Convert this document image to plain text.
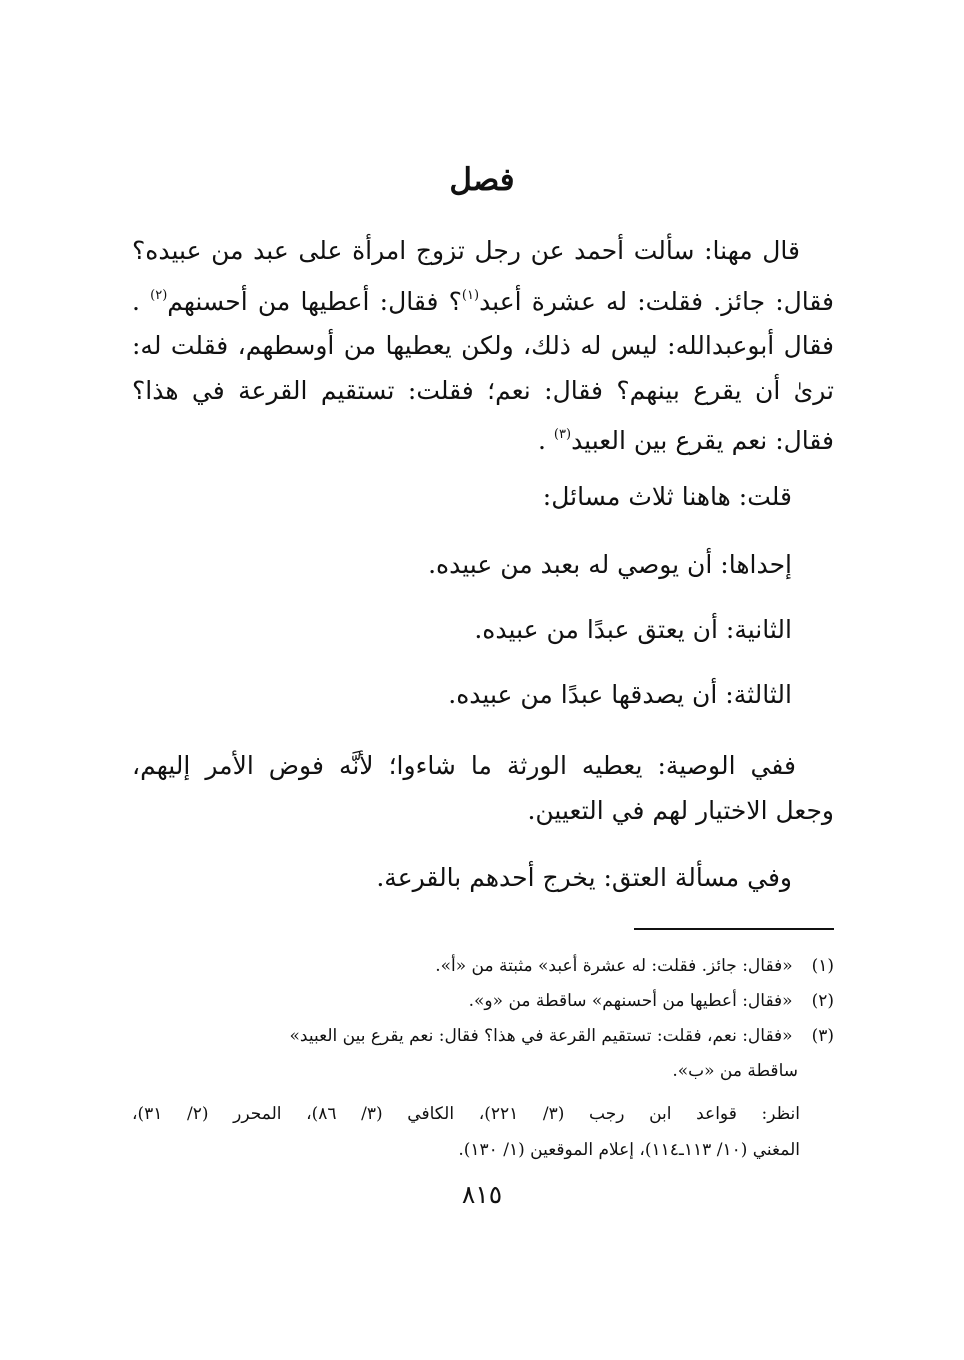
فصل
قال مهنا: سألت أحمد عن رجل تزوج امرأة على عبد من عبيده؟
فقال: جائز. فقلت: له عشرة أعبد$^{(١)}$؟ فقال: أعطيها من أحسنهم$^{(٢)}$ .
فقال أبوعبدالله: ليس له ذلك، ولكن يعطيها من أوسطهم، فقلت له:
ترىٰ أن يقرع بينهم؟ فقال: نعم؛ فقلت: تستقيم القرعة في هذا؟
فقال: نعم يقرع بين العبيد$^{(٣)}$ .
قلت: هاهنا ثلاث مسائل:
إحداها: أن يوصي له بعبد من عبيده.
الثانية: أن يعتق عبدًا من عبيده.
الثالثة: أن يصدقها عبدًا من عبيده.
ففي الوصية: يعطيه الورثة ما شاءوا؛ لأنَّه فوض الأمر إليهم،
وجعل الاختيار لهم في التعيين.
وفي مسألة العتق: يخرج أحدهم بالقرعة.
(١) «فقال: جائز. فقلت: له عشرة أعبد» مثبتة من «أ».
(٢) «فقال: أعطيها من أحسنهم» ساقطة من «و».
(٣) «فقال: نعم، فقلت: تستقيم القرعة في هذا؟ فقال: نعم يقرع بين العبيد»
ساقطة من «ب».
انظر: قواعد ابن رجب (٣/ ٢٢١)، الكافي (٣/ ٨٦)، المحرر (٢/ ٣١)،
المغني (١٠/ ١١٣ـ١١٤)، إعلام الموقعين (١/ ١٣٠).
٨١٥
